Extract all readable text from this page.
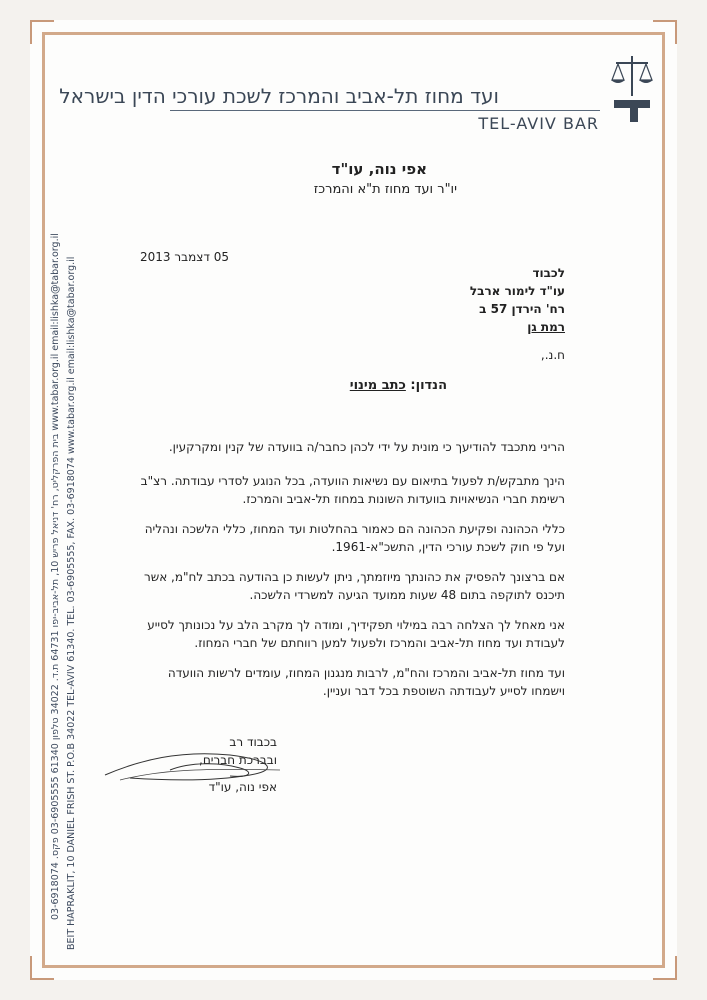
ועד מחוז תל-אביב והמרכז לשכת עורכי הדין בישראל
TEL-AVIV BAR
בית הפרקליט, רח' דניאל פריש 10, תל-אביב-יפו 64731 ת.ד. 34022 טלפון 61340 03-6905555 פקס. 03-6918074 www.tabar.org.il email:lishka@tabar.org.il BEIT HAPRAKLIT, 10 DANIEL FRISH ST. P.O.B 34022 TEL-AVIV 61340. TEL. 03-6905555, FAX. 03-6918074 www.tabar.org.il email:lishka@tabar.org.il
אפי נוה, עו"ד
יו"ר ועד מחוז ת"א והמרכז
05 דצמבר 2013
לכבוד
עו"ד לימור ארבל
רח' הירדן 57 ב
רמת גן
ח.נ.,
הנדון: כתב מינוי
הריני מתכבד להודיעך כי מונית על ידי לכהן כחבר/ה בוועדה של קנין ומקרקעין.
הינך מתבקש/ת לפעול בתיאום עם נשיאות הוועדה, בכל הנוגע לסדרי עבודתה. רצ"ב רשימת חברי הנשיאויות בוועדות השונות במחוז תל-אביב והמרכז.
כללי הכהונה ופקיעת הכהונה הם כאמור בהחלטות ועד המחוז, כללי הלשכה ונהליה ועל פי חוק לשכת עורכי הדין, התשכ"א-1961.
אם ברצונך להפסיק את כהונתך מיוזמתך, ניתן לעשות כן בהודעה בכתב לח"מ, אשר תיכנס לתוקפה בתום 48 שעות ממועד הגיעה למשרדי הלשכה.
אני מאחל לך הצלחה רבה במילוי תפקידיך, ומודה לך מקרב הלב על נכונותך לסייע לעבודת ועד מחוז תל-אביב והמרכז ולפעול למען רווחתם של חברי המחוז.
ועד מחוז תל-אביב והמרכז והח"מ, לרבות מנגנון המחוז, עומדים לרשות הוועדה וישמחו לסייע לעבודתה השוטפת בכל דבר ועניין.
בכבוד רב
ובברכת חברים,
אפי נוה, עו"ד
